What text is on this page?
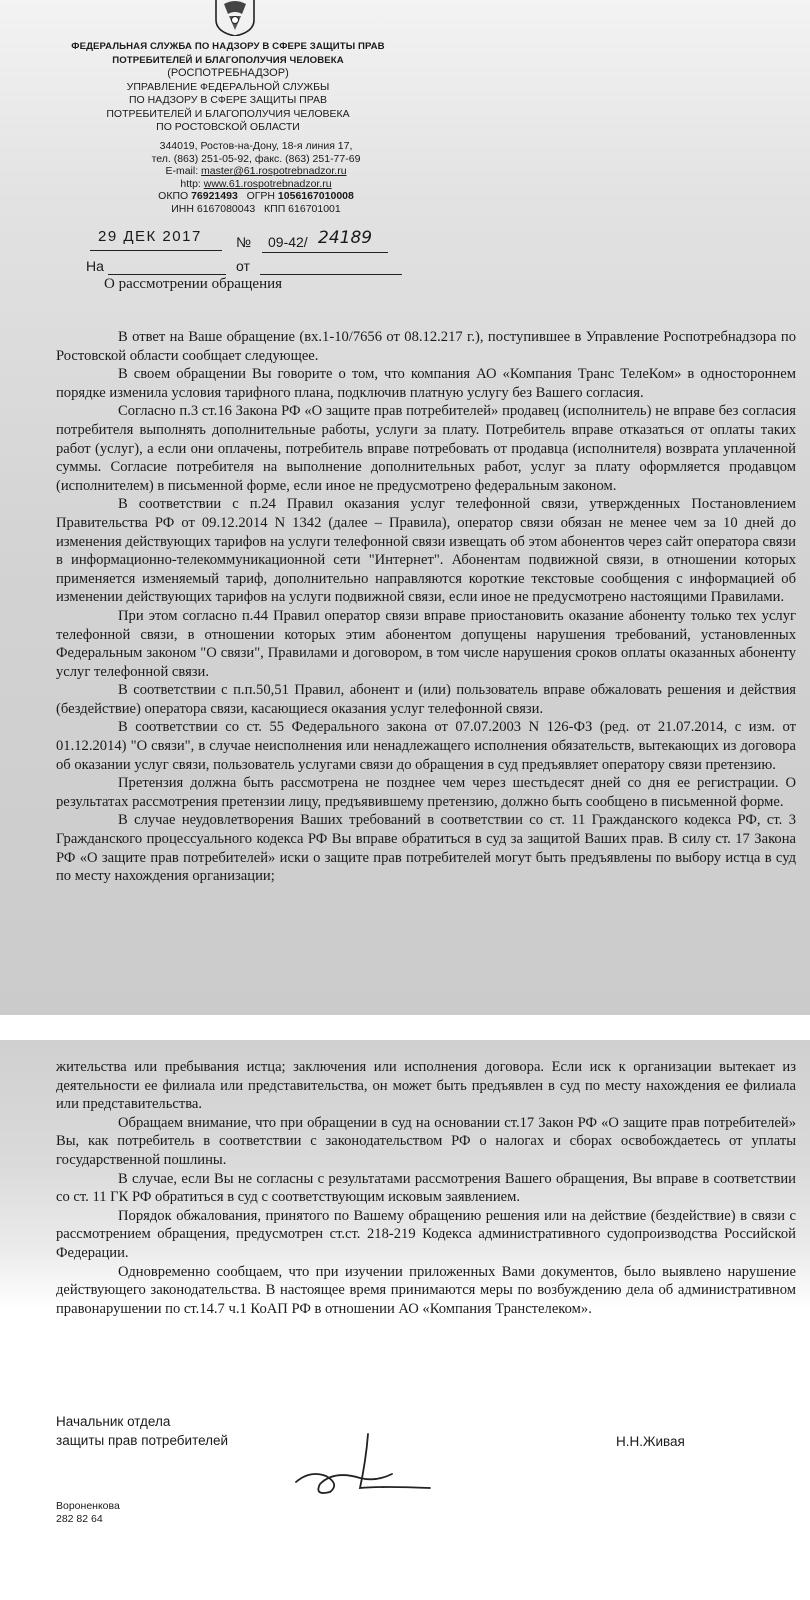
ФЕДЕРАЛЬНАЯ СЛУЖБА ПО НАДЗОРУ В СФЕРЕ ЗАЩИТЫ ПРАВ
ПОТРЕБИТЕЛЕЙ И БЛАГОПОЛУЧИЯ ЧЕЛОВЕКА
(РОСПОТРЕБНАДЗОР)
УПРАВЛЕНИЕ ФЕДЕРАЛЬНОЙ СЛУЖБЫ
ПО НАДЗОРУ В СФЕРЕ ЗАЩИТЫ ПРАВ
ПОТРЕБИТЕЛЕЙ И БЛАГОПОЛУЧИЯ ЧЕЛОВЕКА
ПО РОСТОВСКОЙ ОБЛАСТИ
344019, Ростов-на-Дону, 18-я линия 17,
тел. (863) 251-05-92, факс. (863) 251-77-69
E-mail: master@61.rospotrebnadzor.ru
http: www.61.rospotrebnadzor.ru
ОКПО 76921493 ОГРН 1056167010008
ИНН 6167080043 КПП 616701001
29 ДЕК 2017 № 09-42/ 24189
На	от
О рассмотрении обращения

В ответ на Ваше обращение (вх.1-10/7656 от 08.12.217 г.), поступившее в Управление Роспотребнадзора по Ростовской области сообщает следующее.

В своем обращении Вы говорите о том, что компания АО «Компания Транс ТелеКом» в одностороннем порядке изменила условия тарифного плана, подключив платную услугу без Вашего согласия.

Согласно п.3 ст.16 Закона РФ «О защите прав потребителей» продавец (исполнитель) не вправе без согласия потребителя выполнять дополнительные работы, услуги за плату. Потребитель вправе отказаться от оплаты таких работ (услуг), а если они оплачены, потребитель вправе потребовать от продавца (исполнителя) возврата уплаченной суммы. Согласие потребителя на выполнение дополнительных работ, услуг за плату оформляется продавцом (исполнителем) в письменной форме, если иное не предусмотрено федеральным законом.

В соответствии с п.24 Правил оказания услуг телефонной связи, утвержденных Постановлением Правительства РФ от 09.12.2014 N 1342 (далее – Правила), оператор связи обязан не менее чем за 10 дней до изменения действующих тарифов на услуги телефонной связи извещать об этом абонентов через сайт оператора связи в информационно-телекоммуникационной сети "Интернет". Абонентам подвижной связи, в отношении которых применяется изменяемый тариф, дополнительно направляются короткие текстовые сообщения с информацией об изменении действующих тарифов на услуги подвижной связи, если иное не предусмотрено настоящими Правилами.

При этом согласно п.44 Правил оператор связи вправе приостановить оказание абоненту только тех услуг телефонной связи, в отношении которых этим абонентом допущены нарушения требований, установленных Федеральным законом "О связи", Правилами и договором, в том числе нарушения сроков оплаты оказанных абоненту услуг телефонной связи.

В соответствии с п.п.50,51 Правил, абонент и (или) пользователь вправе обжаловать решения и действия (бездействие) оператора связи, касающиеся оказания услуг телефонной связи.

В соответствии со ст. 55 Федерального закона от 07.07.2003 N 126-ФЗ (ред. от 21.07.2014, с изм. от 01.12.2014) "О связи", в случае неисполнения или ненадлежащего исполнения обязательств, вытекающих из договора об оказании услуг связи, пользователь услугами связи до обращения в суд предъявляет оператору связи претензию.

Претензия должна быть рассмотрена не позднее чем через шестьдесят дней со дня ее регистрации. О результатах рассмотрения претензии лицу, предъявившему претензию, должно быть сообщено в письменной форме.

В случае неудовлетворения Ваших требований в соответствии со ст. 11 Гражданского кодекса РФ, ст. 3 Гражданского процессуального кодекса РФ Вы вправе обратиться в суд за защитой Ваших прав. В силу ст. 17 Закона РФ «О защите прав потребителей» иски о защите прав потребителей могут быть предъявлены по выбору истца в суд по месту нахождения организации;

жительства или пребывания истца; заключения или исполнения договора. Если иск к организации вытекает из деятельности ее филиала или представительства, он может быть предъявлен в суд по месту нахождения ее филиала или представительства.

Обращаем внимание, что при обращении в суд на основании ст.17 Закон РФ «О защите прав потребителей» Вы, как потребитель в соответствии с законодательством РФ о налогах и сборах освобождаетесь от уплаты государственной пошлины.

В случае, если Вы не согласны с результатами рассмотрения Вашего обращения, Вы вправе в соответствии со ст. 11 ГК РФ обратиться в суд с соответствующим исковым заявлением.

Порядок обжалования, принятого по Вашему обращению решения или на действие (бездействие) в связи с рассмотрением обращения, предусмотрен ст.ст. 218-219 Кодекса административного судопроизводства Российской Федерации.

Одновременно сообщаем, что при изучении приложенных Вами документов, было выявлено нарушение действующего законодательства. В настоящее время принимаются меры по возбуждению дела об административном правонарушении по ст.14.7 ч.1 КоАП РФ в отношении АО «Компания Транстелеком».

Начальник отдела
защиты прав потребителей	Н.Н.Живая
Вороненкова
282 82 64
